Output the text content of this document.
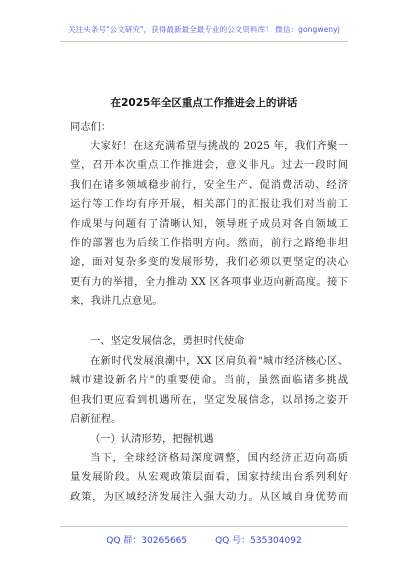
关注头条号"公文研究"，获得最新最全最专业的公文资料库！ 微信：gongwenyj
在2025年全区重点工作推进会上的讲话

同志们：

大家好！在这充满希望与挑战的 2025 年，我们齐聚一
堂，召开本次重点工作推进会，意义非凡。过去一段时间
我们在诸多领域稳步前行，安全生产、促消费活动、经济
运行等工作均有序开展，相关部门的汇报让我们对当前工
作成果与问题有了清晰认知，领导班子成员对各自领域工
作的部署也为后续工作指明方向。然而，前行之路绝非坦
途，面对复杂多变的发展形势，我们必须以更坚定的决心
更有力的举措，全力推动 XX 区各项事业迈向新高度。接下
来，我讲几点意见。

一、坚定发展信念，勇担时代使命

在新时代发展浪潮中，XX 区肩负着"城市经济核心区、
城市建设新名片"的重要使命。当前，虽然面临诸多挑战
但我们更应看到机遇所在，坚定发展信念，以昂扬之姿开
启新征程。

（一）认清形势，把握机遇

当下，全球经济格局深度调整，国内经济正迈向高质
量发展阶段。从宏观政策层面看，国家持续出台系列利好
政策，为区域经济发展注入强大动力。从区域自身优势而
QQ 群：30265665	QQ 号：535304092
